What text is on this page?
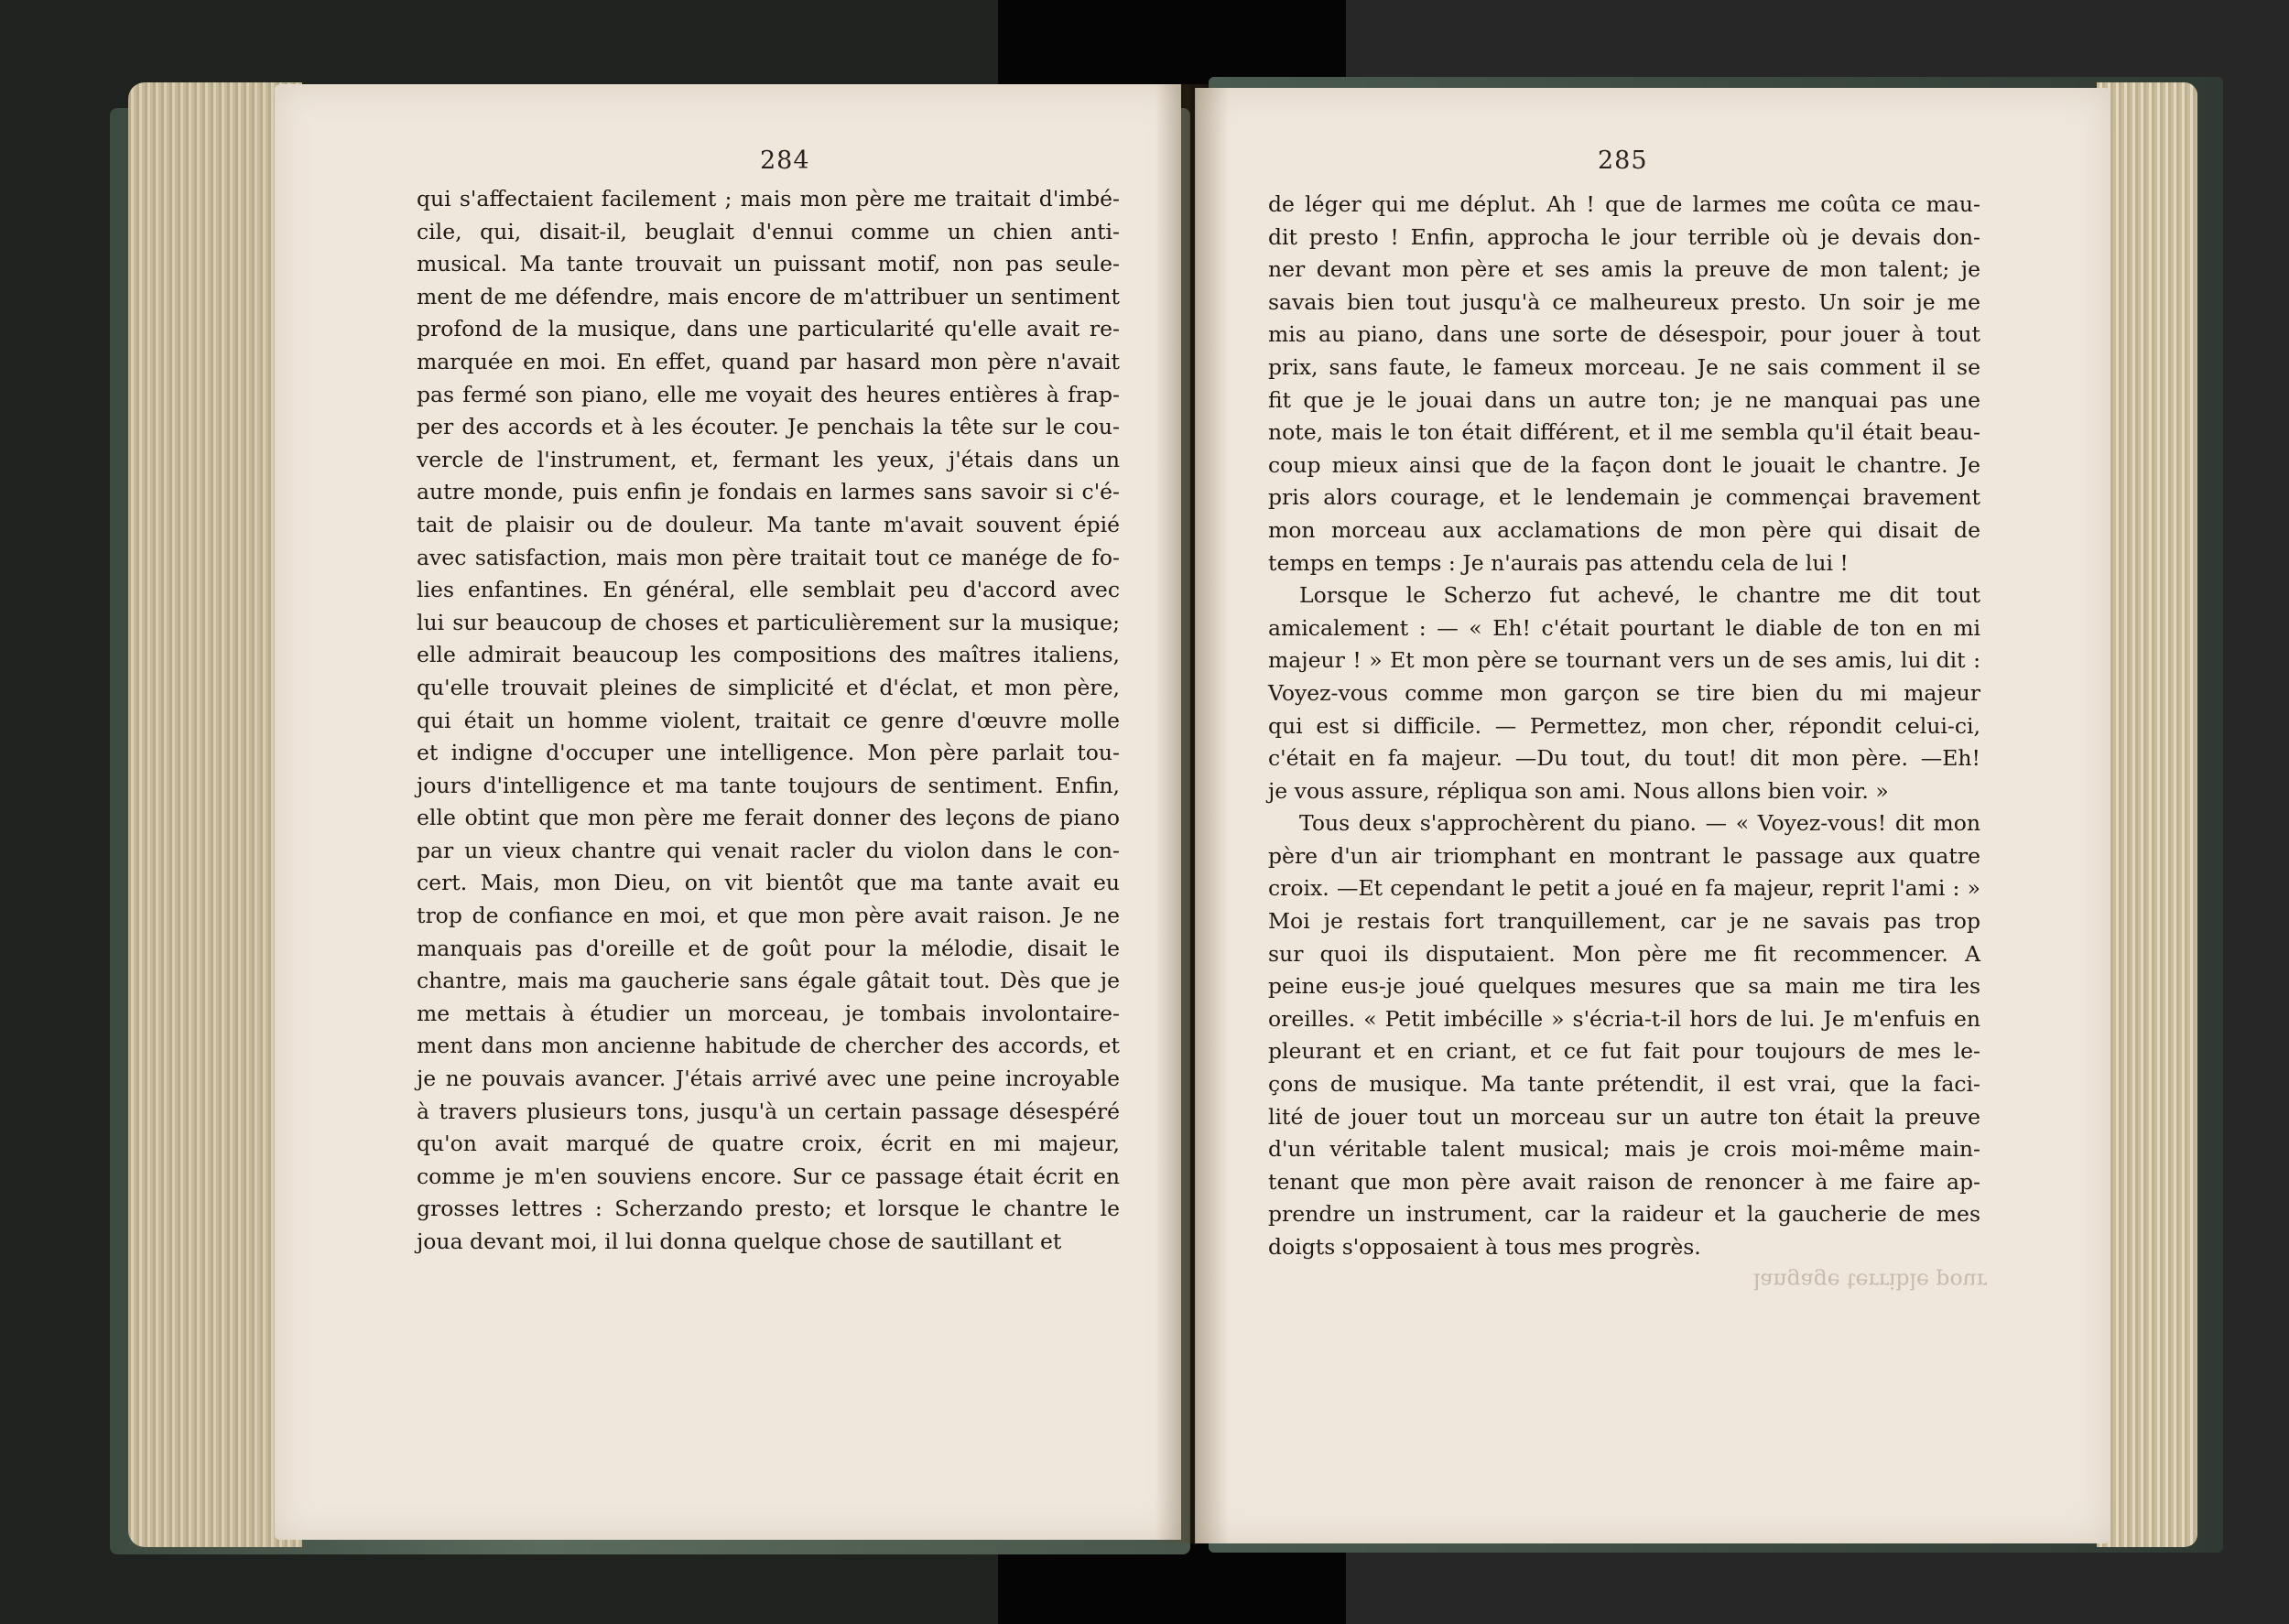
284	285
qui s'affectaient facilement ; mais mon père me traitait d'imbé-
cile, qui, disait-il, beuglait d'ennui comme un chien anti-
musical. Ma tante trouvait un puissant motif, non pas seule-
ment de me défendre, mais encore de m'attribuer un sentiment
profond de la musique, dans une particularité qu'elle avait re-
marquée en moi. En effet, quand par hasard mon père n'avait
pas fermé son piano, elle me voyait des heures entières à frap-
per des accords et à les écouter. Je penchais la tête sur le cou-
vercle de l'instrument, et, fermant les yeux, j'étais dans un
autre monde, puis enfin je fondais en larmes sans savoir si c'é-
tait de plaisir ou de douleur. Ma tante m'avait souvent épié
avec satisfaction, mais mon père traitait tout ce manége de fo-
lies enfantines. En général, elle semblait peu d'accord avec
lui sur beaucoup de choses et particulièrement sur la musique;
elle admirait beaucoup les compositions des maîtres italiens,
qu'elle trouvait pleines de simplicité et d'éclat, et mon père,
qui était un homme violent, traitait ce genre d'œuvre molle
et indigne d'occuper une intelligence. Mon père parlait tou-
jours d'intelligence et ma tante toujours de sentiment. Enfin,
elle obtint que mon père me ferait donner des leçons de piano
par un vieux chantre qui venait racler du violon dans le con-
cert. Mais, mon Dieu, on vit bientôt que ma tante avait eu
trop de confiance en moi, et que mon père avait raison. Je ne
manquais pas d'oreille et de goût pour la mélodie, disait le
chantre, mais ma gaucherie sans égale gâtait tout. Dès que je
me mettais à étudier un morceau, je tombais involontaire-
ment dans mon ancienne habitude de chercher des accords, et
je ne pouvais avancer. J'étais arrivé avec une peine incroyable
à travers plusieurs tons, jusqu'à un certain passage désespéré
qu'on avait marqué de quatre croix, écrit en mi majeur,
comme je m'en souviens encore. Sur ce passage était écrit en
grosses lettres : Scherzando presto; et lorsque le chantre le
joua devant moi, il lui donna quelque chose de sautillant et
de léger qui me déplut. Ah ! que de larmes me coûta ce mau-
dit presto ! Enfin, approcha le jour terrible où je devais don-
ner devant mon père et ses amis la preuve de mon talent; je
savais bien tout jusqu'à ce malheureux presto. Un soir je me
mis au piano, dans une sorte de désespoir, pour jouer à tout
prix, sans faute, le fameux morceau. Je ne sais comment il se
fit que je le jouai dans un autre ton; je ne manquai pas une
note, mais le ton était différent, et il me sembla qu'il était beau-
coup mieux ainsi que de la façon dont le jouait le chantre. Je
pris alors courage, et le lendemain je commençai bravement
mon morceau aux acclamations de mon père qui disait de
temps en temps : Je n'aurais pas attendu cela de lui !
Lorsque le Scherzo fut achevé, le chantre me dit tout
amicalement : — « Eh! c'était pourtant le diable de ton en mi
majeur ! » Et mon père se tournant vers un de ses amis, lui dit :
Voyez-vous comme mon garçon se tire bien du mi majeur
qui est si difficile. — Permettez, mon cher, répondit celui-ci,
c'était en fa majeur. —Du tout, du tout! dit mon père. —Eh!
je vous assure, répliqua son ami. Nous allons bien voir. »
Tous deux s'approchèrent du piano. — « Voyez-vous! dit mon
père d'un air triomphant en montrant le passage aux quatre
croix. —Et cependant le petit a joué en fa majeur, reprit l'ami : »
Moi je restais fort tranquillement, car je ne savais pas trop
sur quoi ils disputaient. Mon père me fit recommencer. A
peine eus-je joué quelques mesures que sa main me tira les
oreilles. « Petit imbécille » s'écria-t-il hors de lui. Je m'enfuis en
pleurant et en criant, et ce fut fait pour toujours de mes le-
çons de musique. Ma tante prétendit, il est vrai, que la faci-
lité de jouer tout un morceau sur un autre ton était la preuve
d'un véritable talent musical; mais je crois moi-même main-
tenant que mon père avait raison de renoncer à me faire ap-
prendre un instrument, car la raideur et la gaucherie de mes
doigts s'opposaient à tous mes progrès.
langage terrible pour
